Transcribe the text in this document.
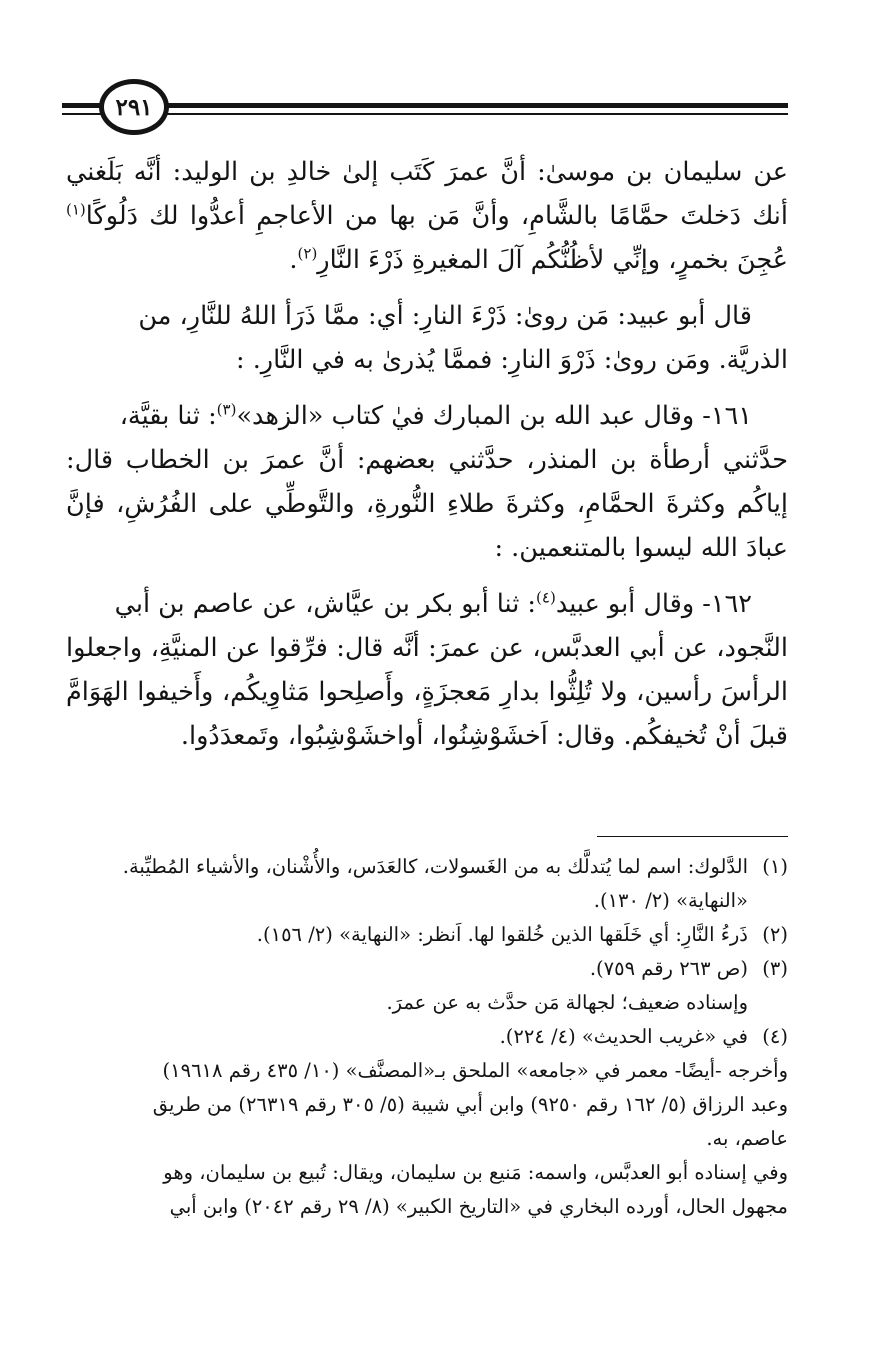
٢٩١

عن سليمان بن موسىٰ: أنَّ عمرَ كَتَب إلىٰ خالدِ بن الوليد: أنَّه بَلَغني أنك دَخلتَ حمَّامًا بالشَّامِ، وأنَّ مَن بها من الأعاجمِ أعدُّوا لك دَلُوكًا$^{(١)}$ عُجِنَ بخمرٍ، وإنِّي لأظُنُّكُم آلَ المغيرةِ ذَرْءَ النَّارِ$^{(٢)}$.

قال أبو عبيد: مَن روىٰ: ذَرْءَ النارِ: أي: ممَّا ذَرَأ اللهُ للنَّارِ، من

الذريَّة. ومَن روىٰ: ذَرْوَ النارِ: فممَّا يُذرىٰ به في النَّارِ. :

١٦١- وقال عبد الله بن المبارك فيٰ كتاب «الزهد»$^{(٣)}$: ثنا بقيَّة،

حدَّثني أرطأة بن المنذر، حدَّثني بعضهم: أنَّ عمرَ بن الخطاب قال: إياكُم وكثرةَ الحمَّامِ، وكثرةَ طلاءِ النُّورةِ، والتَّوطِّي على الفُرُشِ، فإنَّ عبادَ الله ليسوا بالمتنعمين. :

١٦٢- وقال أبو عبيد$^{(٤)}$: ثنا أبو بكر بن عيَّاش، عن عاصم بن أبي

النَّجود، عن أبي العدبَّس، عن عمرَ: أنَّه قال: فرِّقوا عن المنيَّةِ، واجعلوا الرأسَ رأسين، ولا تُلِثُّوا بدارِ مَعجزَةٍ، وأَصلِحوا مَثاوِيكُم، وأَخيفوا الهَوَامَّ قبلَ أنْ تُخيفكُم. وقال: اَخشَوْشِنُوا، أواخشَوْشِبُوا، وتَمعدَدُوا.

(١)
الدَّلوك: اسم لما يُتدلَّك به من الغَسولات، كالعَدَس، والأُشْنان، والأشياء المُطيِّبة.
«النهاية» (٢/ ١٣٠).
(٢)
ذَرءُ النَّارِ: أي خَلَقها الذين خُلقوا لها. اَنظر: «النهاية» (٢/ ١٥٦).
(٣)
(ص ٢٦٣ رقم ٧٥٩).
وإسناده ضعيف؛ لجهالة مَن حدَّث به عن عمرَ.
(٤)
في «غريب الحديث» (٤/ ٢٢٤).
وأخرجه -أيضًا- معمر في «جامعه» الملحق بـ«المصنَّف» (١٠/ ٤٣٥ رقم ١٩٦١٨)
وعبد الرزاق (٥/ ١٦٢ رقم ٩٢٥٠) وابن أبي شيبة (٥/ ٣٠٥ رقم ٢٦٣١٩) من طريق
عاصم، به.
وفي إسناده أبو العدبَّس، واسمه: مَنيع بن سليمان، ويقال: تُبيع بن سليمان، وهو
مجهول الحال، أورده البخاري في «التاريخ الكبير» (٨/ ٢٩ رقم ٢٠٤٢) وابن أبي
